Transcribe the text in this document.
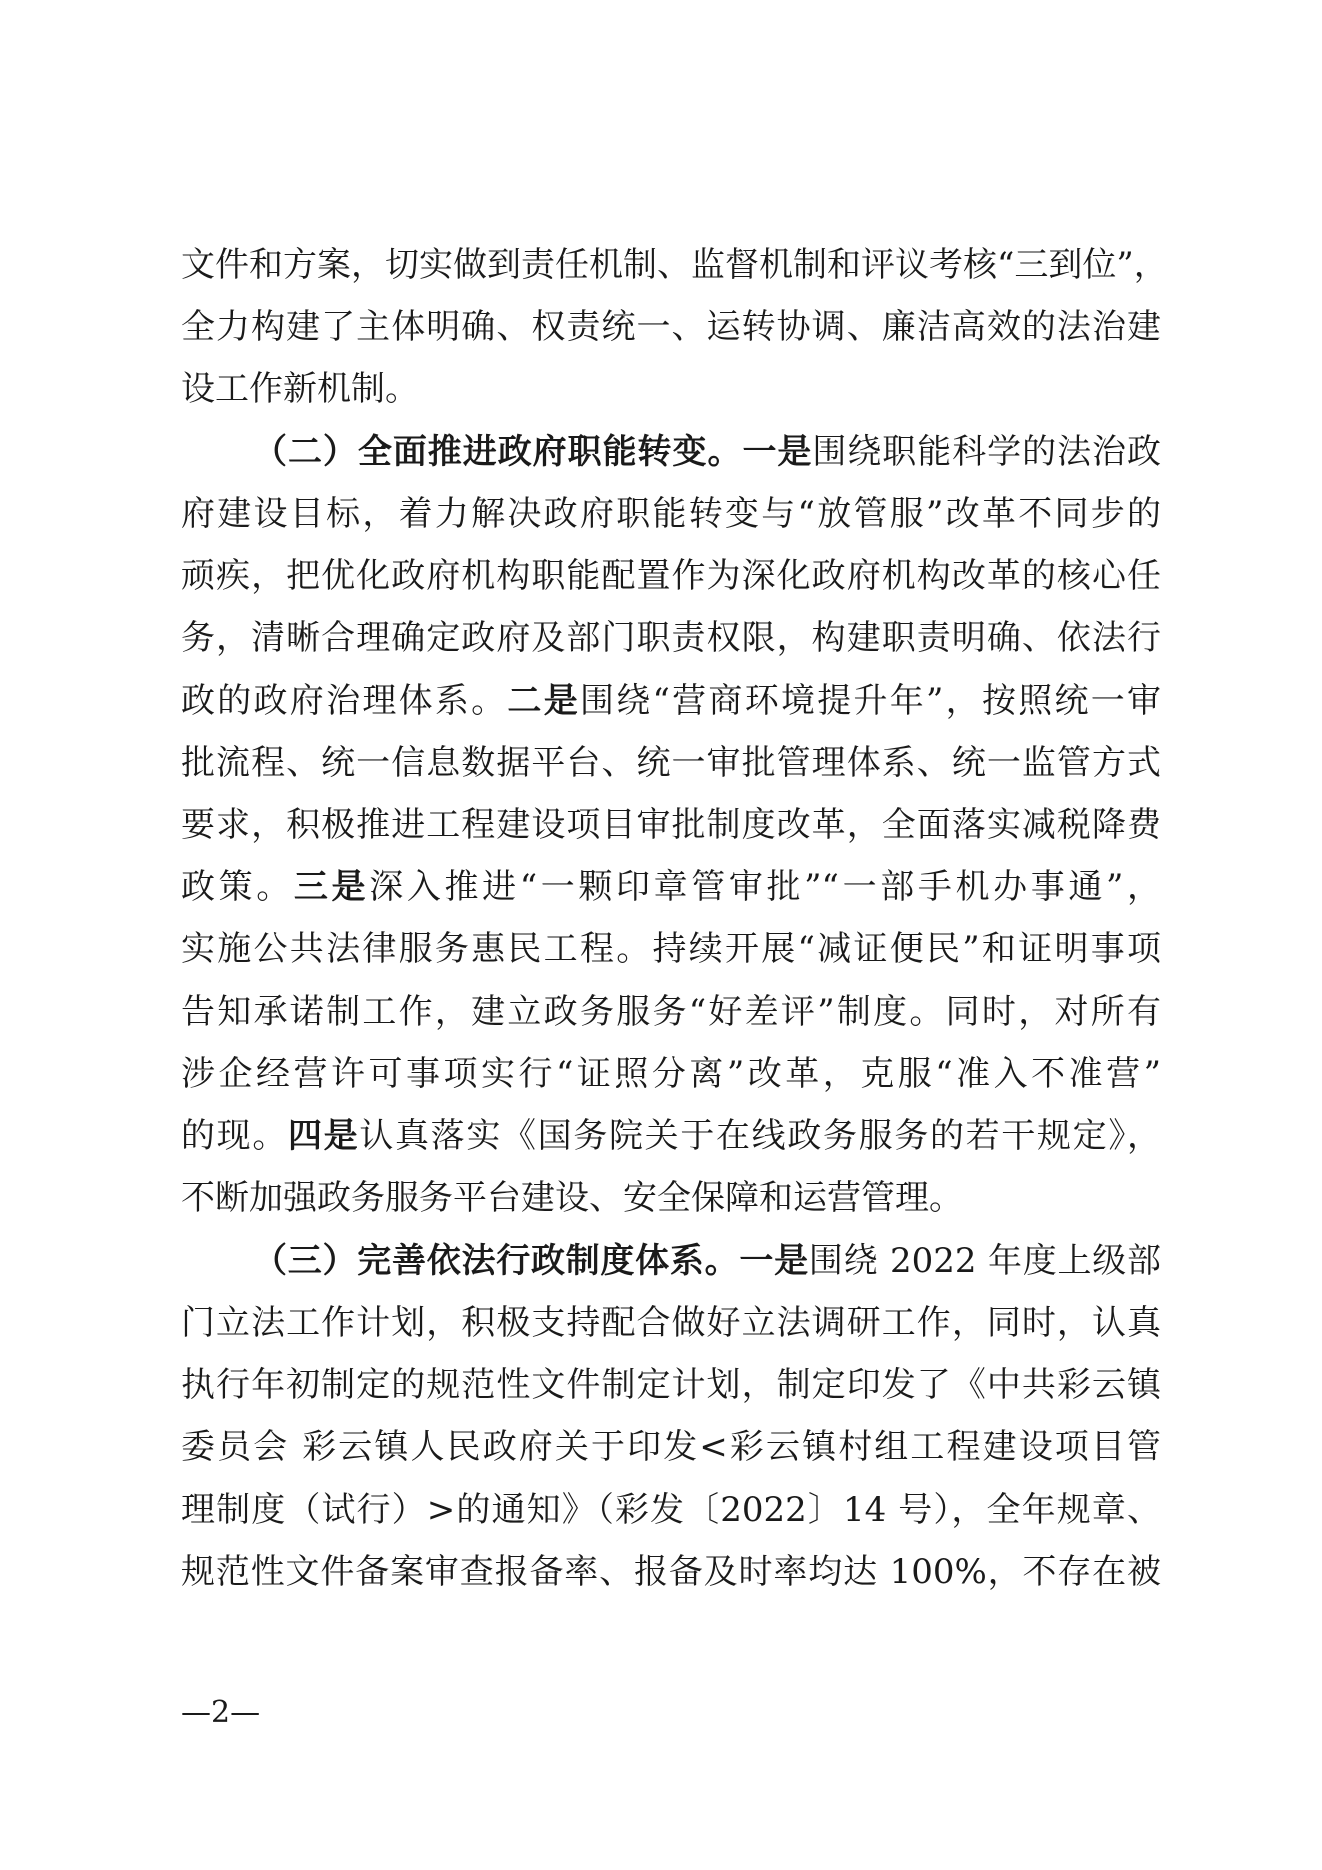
文件和方案，切实做到责任机制、监督机制和评议考核“三到位”，
全力构建了主体明确、权责统一、运转协调、廉洁高效的法治建
设工作新机制。
（二）全面推进政府职能转变。一是围绕职能科学的法治政
府建设目标，着力解决政府职能转变与“放管服”改革不同步的
顽疾，把优化政府机构职能配置作为深化政府机构改革的核心任
务，清晰合理确定政府及部门职责权限，构建职责明确、依法行
政的政府治理体系。二是围绕“营商环境提升年”，按照统一审
批流程、统一信息数据平台、统一审批管理体系、统一监管方式
要求，积极推进工程建设项目审批制度改革，全面落实减税降费
政策。三是深入推进“一颗印章管审批”“一部手机办事通”，
实施公共法律服务惠民工程。持续开展“减证便民”和证明事项
告知承诺制工作，建立政务服务“好差评”制度。同时，对所有
涉企经营许可事项实行“证照分离”改革，克服“准入不准营”
的现。四是认真落实《国务院关于在线政务服务的若干规定》，
不断加强政务服务平台建设、安全保障和运营管理。
（三）完善依法行政制度体系。一是围绕 2022 年度上级部
门立法工作计划，积极支持配合做好立法调研工作，同时，认真
执行年初制定的规范性文件制定计划，制定印发了《中共彩云镇
委员会 彩云镇人民政府关于印发<彩云镇村组工程建设项目管
理制度（试行）>的通知》（彩发〔2022〕14 号），全年规章、
规范性文件备案审查报备率、报备及时率均达 100%，不存在被
—2—
